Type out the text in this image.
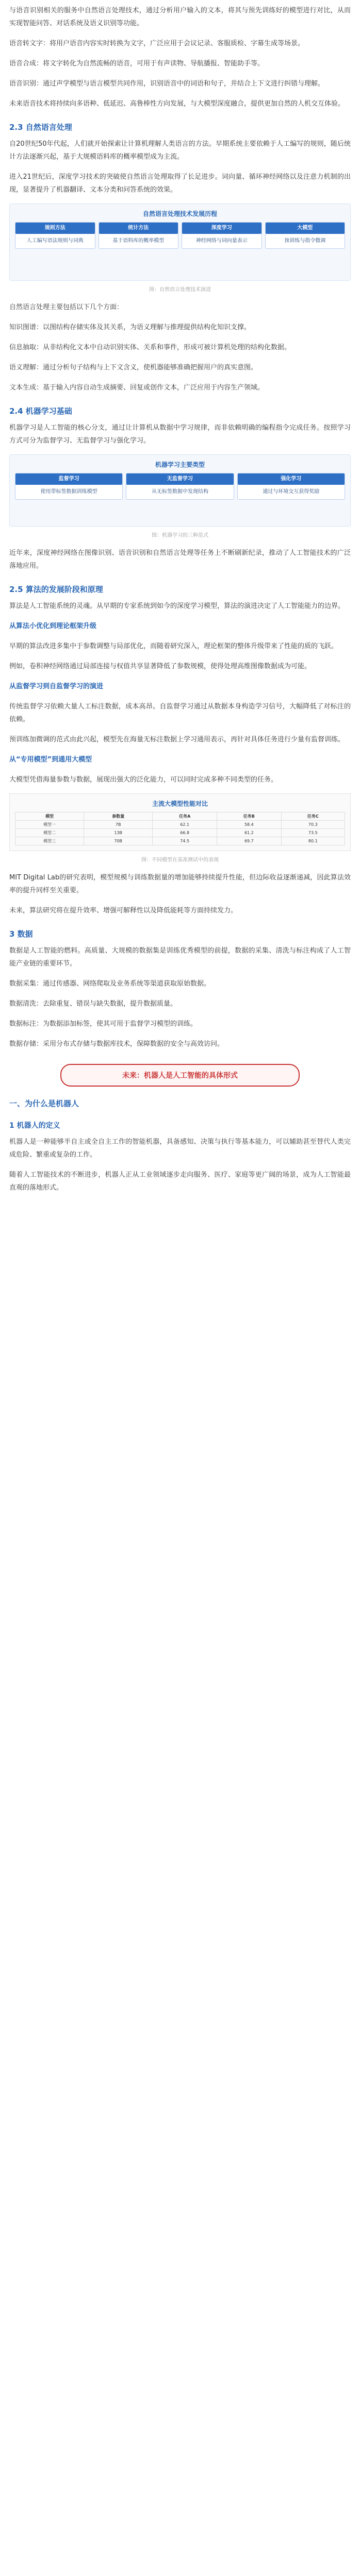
与语音识别相关的服务中自然语言处理技术，通过分析用户输入的文本，将其与预先训练好的模型进行对比，从而实现智能问答、对话系统及语义识别等功能。

语音转文字：将用户语音内容实时转换为文字，广泛应用于会议记录、客服质检、字幕生成等场景。

语音合成：将文字转化为自然流畅的语音，可用于有声读物、导航播报、智能助手等。

语音识别：通过声学模型与语言模型共同作用，识别语音中的词语和句子，并结合上下文进行纠错与理解。

未来语音技术将持续向多语种、低延迟、高鲁棒性方向发展，与大模型深度融合，提供更加自然的人机交互体验。

2.3 自然语言处理

自20世纪50年代起，人们就开始探索让计算机理解人类语言的方法。早期系统主要依赖于人工编写的规则，随后统计方法逐渐兴起，基于大规模语料库的概率模型成为主流。

进入21世纪后，深度学习技术的突破使自然语言处理取得了长足进步。词向量、循环神经网络以及注意力机制的出现，显著提升了机器翻译、文本分类和问答系统的效果。

自然语言处理技术发展历程
规则方法
人工编写语法规则与词典
统计方法
基于语料库的概率模型
深度学习
神经网络与词向量表示
大模型
预训练与指令微调
图：自然语言处理技术演进

自然语言处理主要包括以下几个方面：

知识图谱：以图结构存储实体及其关系，为语义理解与推理提供结构化知识支撑。

信息抽取：从非结构化文本中自动识别实体、关系和事件，形成可被计算机处理的结构化数据。

语义理解：通过分析句子结构与上下文含义，使机器能够准确把握用户的真实意图。

文本生成：基于输入内容自动生成摘要、回复或创作文本，广泛应用于内容生产领域。

2.4 机器学习基础

机器学习是人工智能的核心分支，通过让计算机从数据中学习规律，而非依赖明确的编程指令完成任务。按照学习方式可分为监督学习、无监督学习与强化学习。

机器学习主要类型
监督学习
使用带标签数据训练模型
无监督学习
从无标签数据中发现结构
强化学习
通过与环境交互获得奖励
图：机器学习的三种范式

近年来，深度神经网络在图像识别、语音识别和自然语言处理等任务上不断刷新纪录，推动了人工智能技术的广泛落地应用。

2.5 算法的发展阶段和原理

算法是人工智能系统的灵魂。从早期的专家系统到如今的深度学习模型，算法的演进决定了人工智能能力的边界。

从算法小优化到理论框架升级

早期的算法改进多集中于参数调整与局部优化，而随着研究深入，理论框架的整体升级带来了性能的质的飞跃。

例如，卷积神经网络通过局部连接与权值共享显著降低了参数规模，使得处理高维图像数据成为可能。

从监督学习到自监督学习的演进

传统监督学习依赖大量人工标注数据，成本高昂。自监督学习通过从数据本身构造学习信号，大幅降低了对标注的依赖。

预训练加微调的范式由此兴起，模型先在海量无标注数据上学习通用表示，再针对具体任务进行少量有监督训练。

从“专用模型”到通用大模型

大模型凭借海量参数与数据，展现出强大的泛化能力，可以同时完成多种不同类型的任务。

主流大模型性能对比
模型	参数量	任务A	任务B	任务C
模型一	7B	62.1	58.4	70.3
模型二	13B	66.8	61.2	73.5
模型三	70B	74.5	69.7	80.1
图：不同模型在基准测试中的表现

MIT Digital Lab的研究表明，模型规模与训练数据量的增加能够持续提升性能，但边际收益逐渐递减，因此算法效率的提升同样至关重要。

未来，算法研究将在提升效率、增强可解释性以及降低能耗等方面持续发力。

3 数据

数据是人工智能的燃料。高质量、大规模的数据集是训练优秀模型的前提，数据的采集、清洗与标注构成了人工智能产业链的重要环节。

数据采集：通过传感器、网络爬取及业务系统等渠道获取原始数据。

数据清洗：去除重复、错误与缺失数据，提升数据质量。

数据标注：为数据添加标签，使其可用于监督学习模型的训练。

数据存储：采用分布式存储与数据库技术，保障数据的安全与高效访问。

未来：机器人是人工智能的具体形式
一、为什么是机器人
1 机器人的定义

机器人是一种能够半自主或全自主工作的智能机器，具备感知、决策与执行等基本能力，可以辅助甚至替代人类完成危险、繁重或复杂的工作。

随着人工智能技术的不断进步，机器人正从工业领域逐步走向服务、医疗、家庭等更广阔的场景，成为人工智能最直观的落地形式。
